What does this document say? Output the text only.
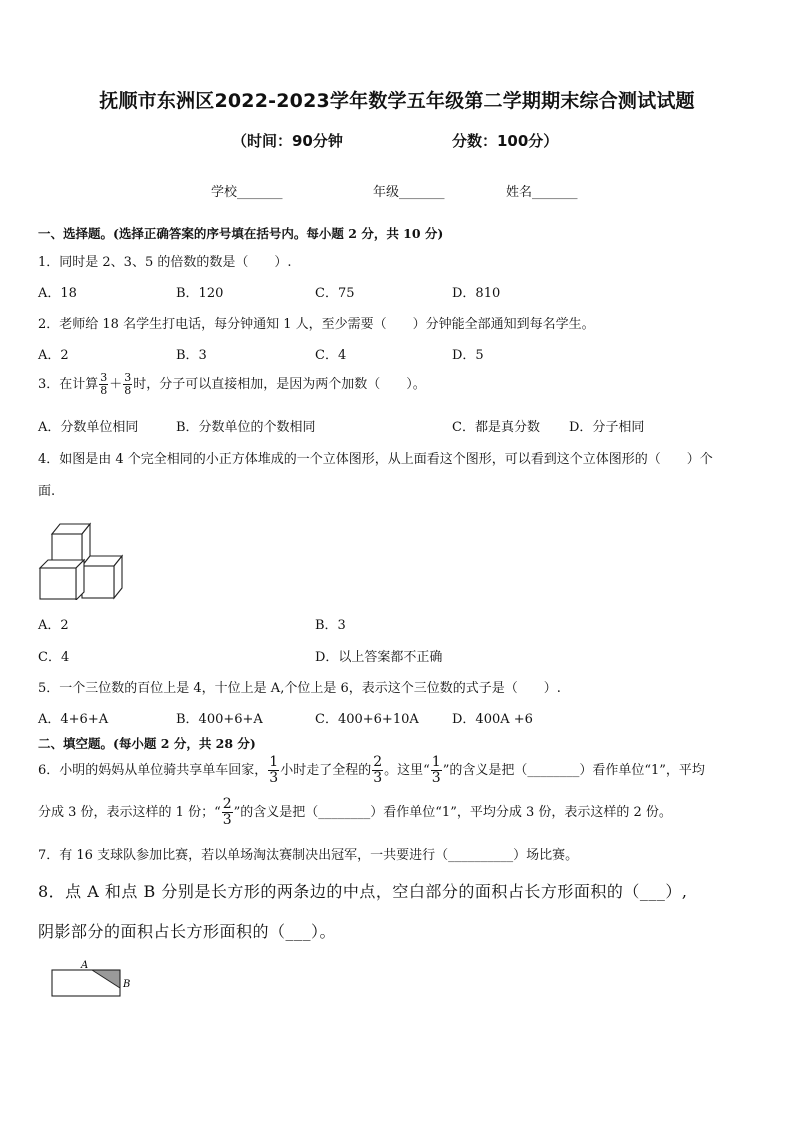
抚顺市东洲区2022-2023学年数学五年级第二学期期末综合测试试题
（时间：90分钟	分数：100分）
学校_______	年级_______	姓名_______
一、选择题。(选择正确答案的序号填在括号内。每小题 2 分，共 10 分)
1．同时是 2、3、5 的倍数的数是（　　）.
A．18	B．120	C．75	D．810
2．老师给 18 名学生打电话，每分钟通知 1 人，至少需要（　　）分钟能全部通知到每名学生。
A．2	B．3	C．4	D．5
3．在计算 $\frac{3}{8} + \frac{3}{8}$ 时，分子可以直接相加，是因为两个加数（　　）。
A．分数单位相同	B．分数单位的个数相同	C．都是真分数 D．分子相同
4．如图是由 4 个完全相同的小正方体堆成的一个立体图形，从上面看这个图形，可以看到这个立体图形的（　　）个
面.
A．2	B．3
C．4	D．以上答案都不正确
5．一个三位数的百位上是 4，十位上是 A,个位上是 6，表示这个三位数的式子是（　　）.
A．4+6+A	B．400+6+A	C．400+6+10A	D．400A +6
二、填空题。(每小题 2 分，共 28 分)
6．小明的妈妈从单位骑共享单车回家， $\frac{1}{3}$ 小时走了全程的 $\frac{2}{3}$ 。这里“ $\frac{1}{3}$ ”的含义是把（________）看作单位“1”，平均
分成 3 份，表示这样的 1 份；“ $\frac{2}{3}$ ”的含义是把（________）看作单位“1”，平均分成 3 份，表示这样的 2 份。
7．有 16 支球队参加比赛，若以单场淘汰赛制决出冠军，一共要进行（__________）场比赛。
8．点 A 和点 B 分别是长方形的两条边的中点，空白部分的面积占长方形面积的（___）,
阴影部分的面积占长方形面积的（___）。
A
B
